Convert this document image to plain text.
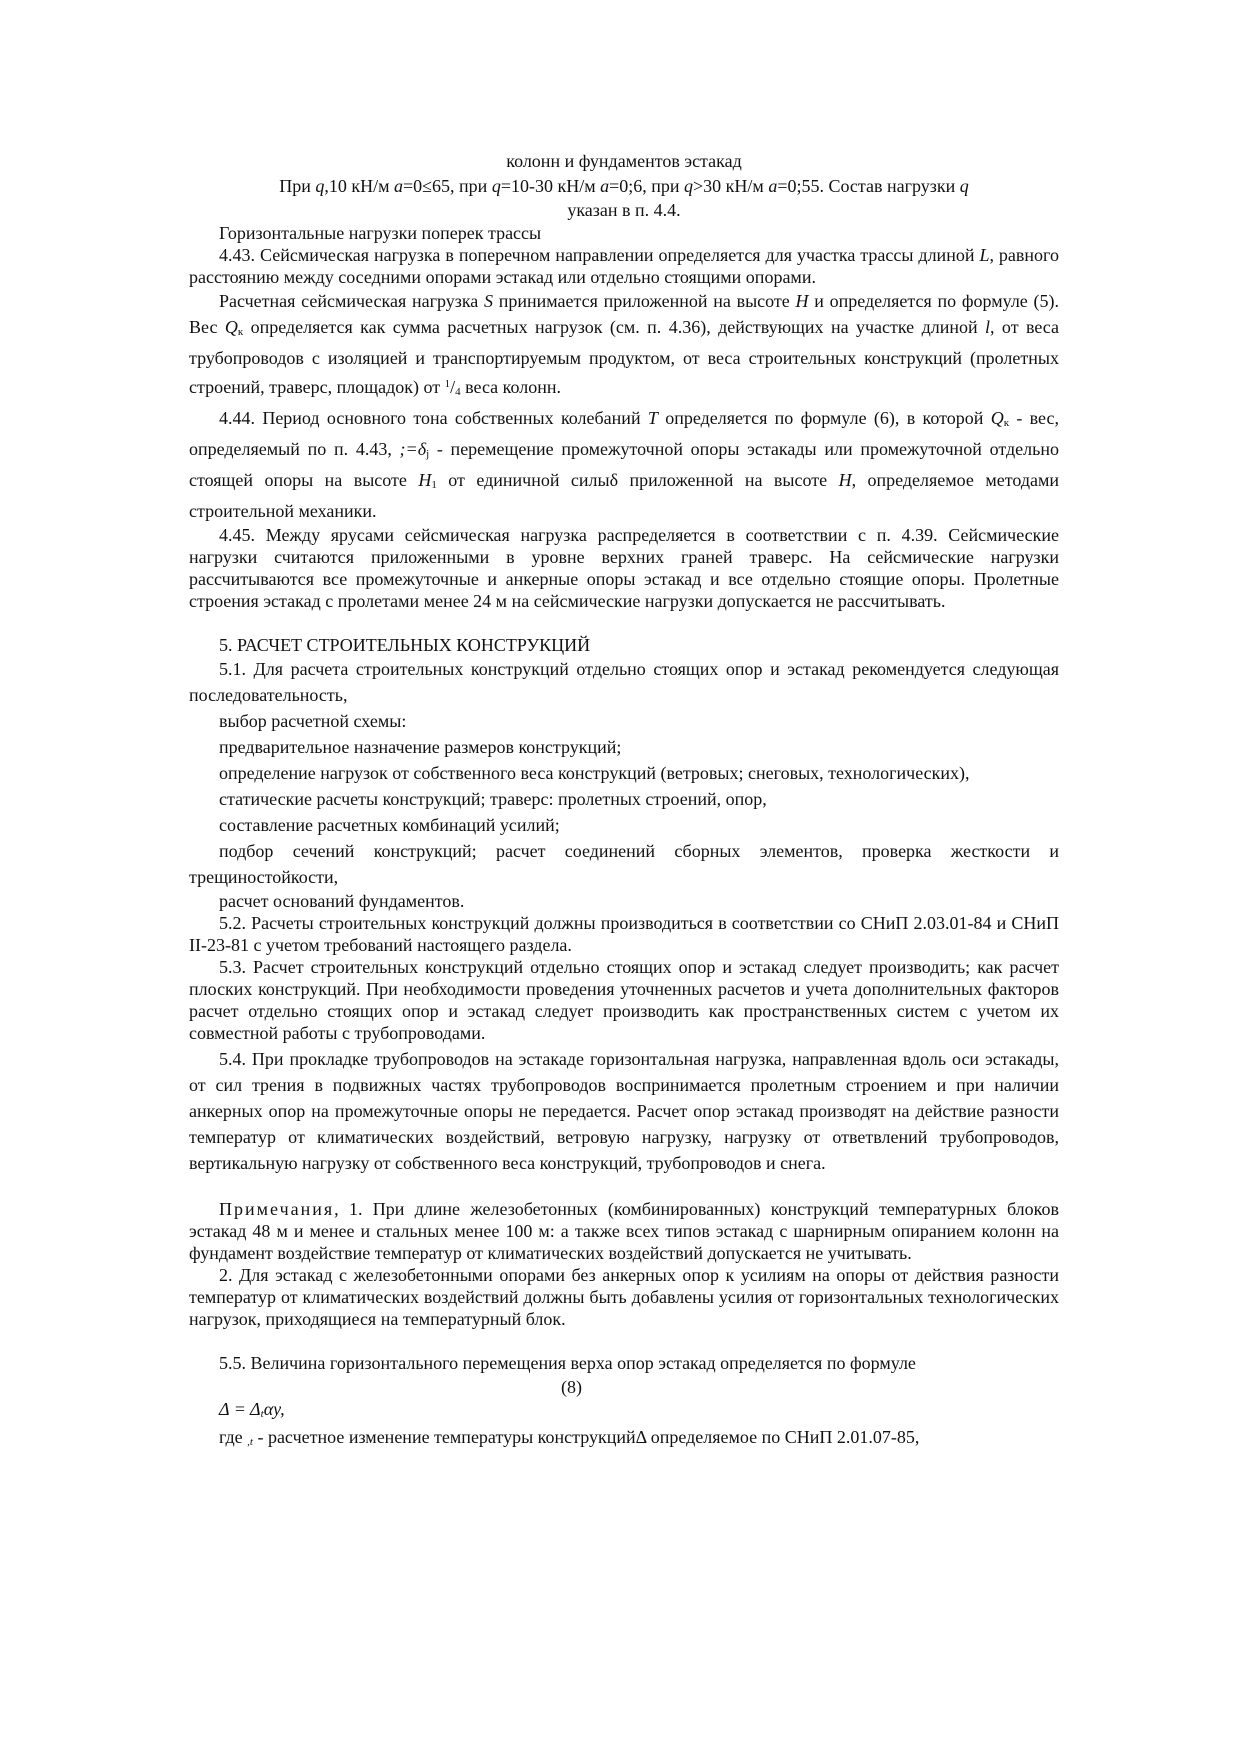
колонн и фундаментов эстакад

При q,10 кН/м a=0≤65, при q=10-30 кН/м a=0;6, при q>30 кН/м a=0;55. Состав нагрузки q
указан в п. 4.4.

Горизонтальные нагрузки поперек трассы

4.43. Сейсмическая нагрузка в поперечном направлении определяется для участка трассы длиной L, равного расстоянию между соседними опорами эстакад или отдельно стоящими опорами.

Расчетная сейсмическая нагрузка S принимается приложенной на высоте H и определяется по формуле (5). Вес Qк определяется как сумма расчетных нагрузок (см. п. 4.36), действующих на участке длиной l, от веса трубопроводов с изоляцией и транспортируемым продуктом, от веса строительных конструкций (пролетных строений, траверс, площадок) от $^1$/4 веса колонн.

4.44. Период основного тона собственных колебаний T определяется по формуле (6), в которой Qк - вес, определяемый по п. 4.43, ;=δj - перемещение промежуточной опоры эстакады или промежуточной отдельно стоящей опоры на высоте H1 от единичной силыδ приложенной на высоте H, определяемое методами строительной механики.

4.45. Между ярусами сейсмическая нагрузка распределяется в соответствии с п. 4.39. Сейсмические нагрузки считаются приложенными в уровне верхних граней траверс. На сейсмические нагрузки рассчитываются все промежуточные и анкерные опоры эстакад и все отдельно стоящие опоры. Пролетные строения эстакад с пролетами менее 24 м на сейсмические нагрузки допускается не рассчитывать.

5. РАСЧЕТ СТРОИТЕЛЬНЫХ КОНСТРУКЦИЙ

5.1. Для расчета строительных конструкций отдельно стоящих опор и эстакад рекомендуется следующая последовательность,

выбор расчетной схемы:

предварительное назначение размеров конструкций;

определение нагрузок от собственного веса конструкций (ветровых; снеговых, технологических),

статические расчеты конструкций; траверс: пролетных строений, опор,

составление расчетных комбинаций усилий;

подбор сечений конструкций; расчет соединений сборных элементов, проверка жесткости и трещиностойкости,

расчет оснований фундаментов.

5.2. Расчеты строительных конструкций должны производиться в соответствии со СНиП 2.03.01-84 и СНиП II-23-81 с учетом требований настоящего раздела.

5.3. Расчет строительных конструкций отдельно стоящих опор и эстакад следует производить; как расчет плоских конструкций. При необходимости проведения уточненных расчетов и учета дополнительных факторов расчет отдельно стоящих опор и эстакад следует производить как пространственных систем с учетом их совместной работы с трубопроводами.

5.4. При прокладке трубопроводов на эстакаде горизонтальная нагрузка, направленная вдоль оси эстакады, от сил трения в подвижных частях трубопроводов воспринимается пролетным строением и при наличии анкерных опор на промежуточные опоры не передается. Расчет опор эстакад производят на действие разности температур от климатических воздействий, ветровую нагрузку, нагрузку от ответвлений трубопроводов, вертикальную нагрузку от собственного веса конструкций, трубопроводов и снега.

Примечания, 1. При длине железобетонных (комбинированных) конструкций температурных блоков эстакад 48 м и менее и стальных менее 100 м: а также всех типов эстакад с шарнирным опиранием колонн на фундамент воздействие температур от климатических воздействий допускается не учитывать.

2. Для эстакад с железобетонными опорами без анкерных опор к усилиям на опоры от действия разности температур от климатических воздействий должны быть добавлены усилия от горизонтальных технологических нагрузок, приходящиеся на температурный блок.

5.5. Величина горизонтального перемещения верха опор эстакад определяется по формуле

(8)
Δ = Δtαy,

где ,t - расчетное изменение температуры конструкцийΔ определяемое по СНиП 2.01.07-85,
